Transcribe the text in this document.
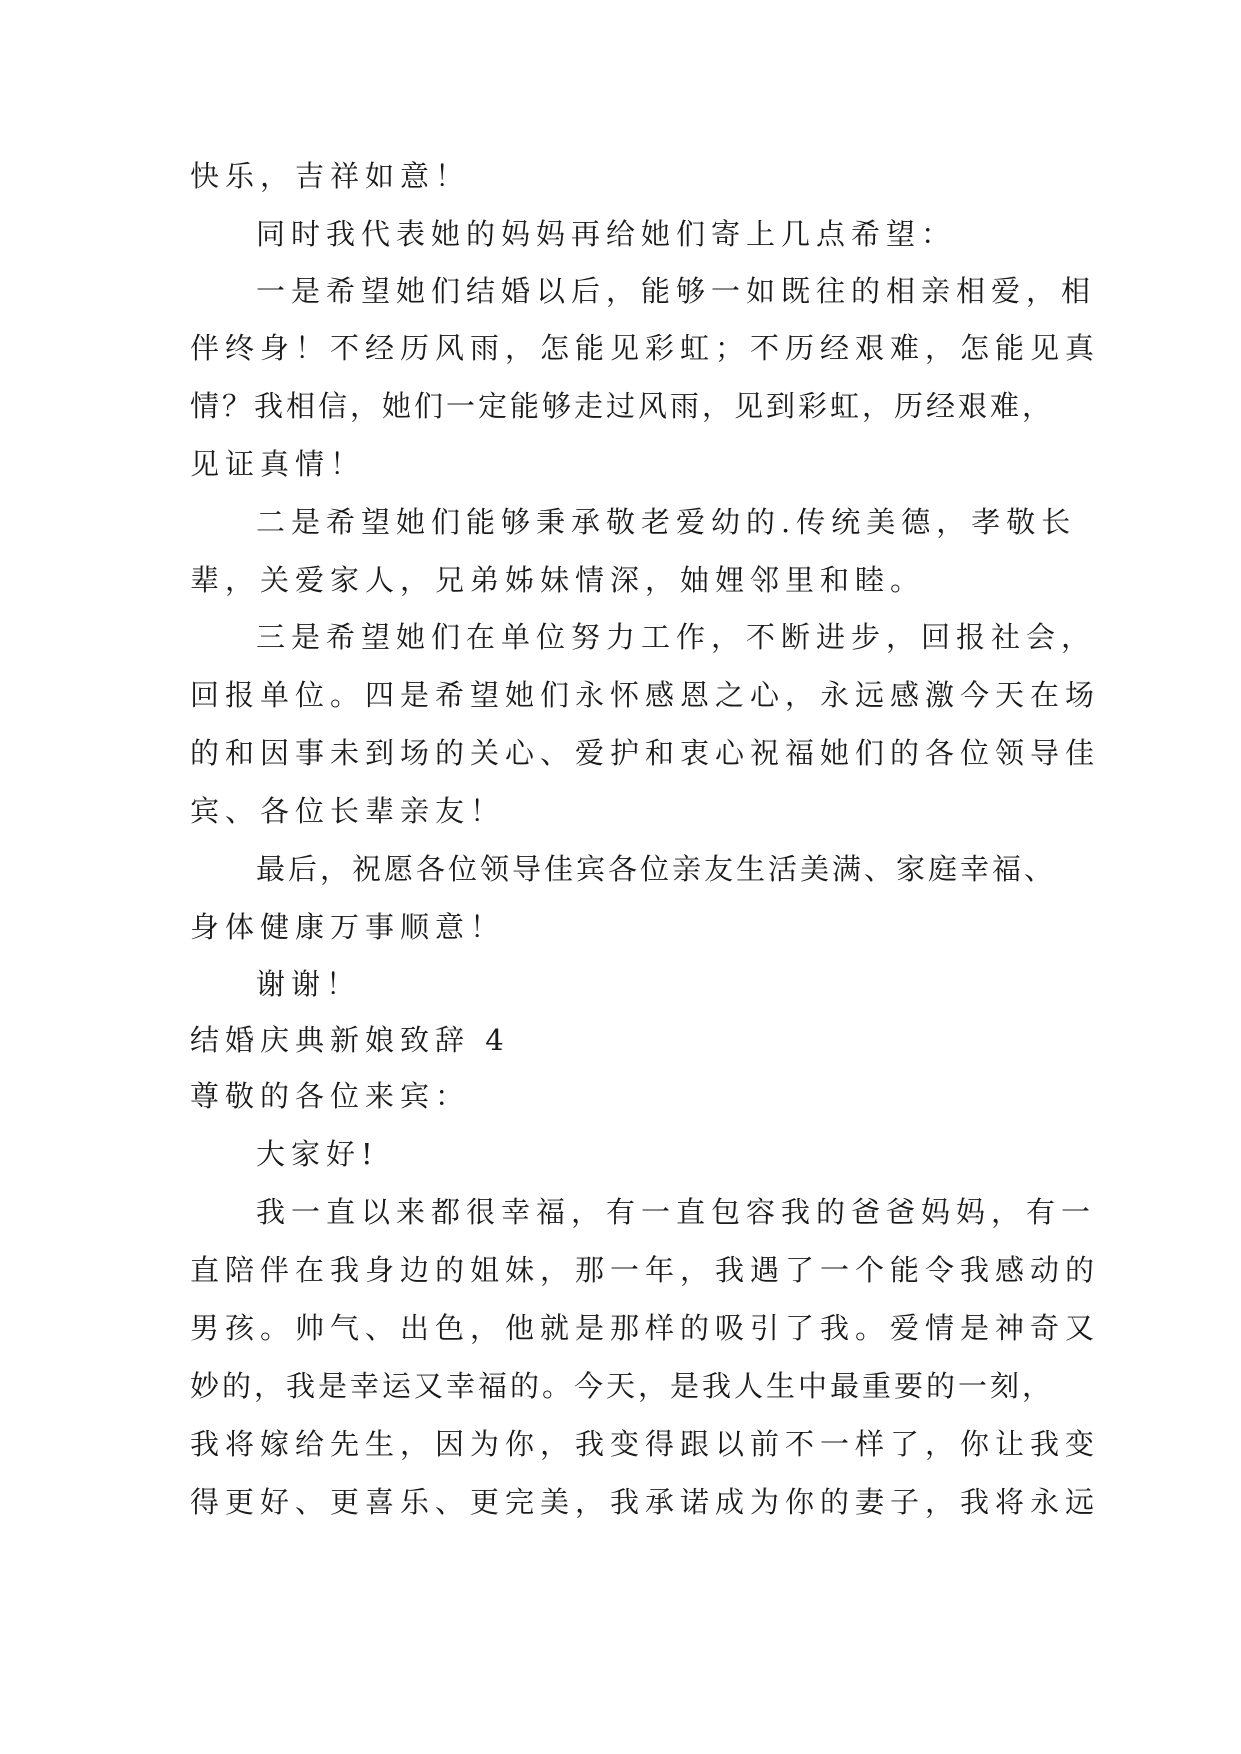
快乐，吉祥如意！
同时我代表她的妈妈再给她们寄上几点希望：
一是希望她们结婚以后，能够一如既往的相亲相爱，相
伴终身！不经历风雨，怎能见彩虹；不历经艰难，怎能见真
情？我相信，她们一定能够走过风雨，见到彩虹，历经艰难，
见证真情！
二是希望她们能够秉承敬老爱幼的.传统美德，孝敬长
辈，关爱家人，兄弟姊妹情深，妯娌邻里和睦。
三是希望她们在单位努力工作，不断进步，回报社会，
回报单位。四是希望她们永怀感恩之心，永远感激今天在场
的和因事未到场的关心、爱护和衷心祝福她们的各位领导佳
宾、各位长辈亲友！
最后，祝愿各位领导佳宾各位亲友生活美满、家庭幸福、
身体健康万事顺意！
谢谢！
结婚庆典新娘致辞 4
尊敬的各位来宾：
大家好!
我一直以来都很幸福，有一直包容我的爸爸妈妈，有一
直陪伴在我身边的姐妹，那一年，我遇了一个能令我感动的
男孩。帅气、出色，他就是那样的吸引了我。爱情是神奇又
妙的，我是幸运又幸福的。今天，是我人生中最重要的一刻，
我将嫁给先生，因为你，我变得跟以前不一样了，你让我变
得更好、更喜乐、更完美，我承诺成为你的妻子，我将永远
